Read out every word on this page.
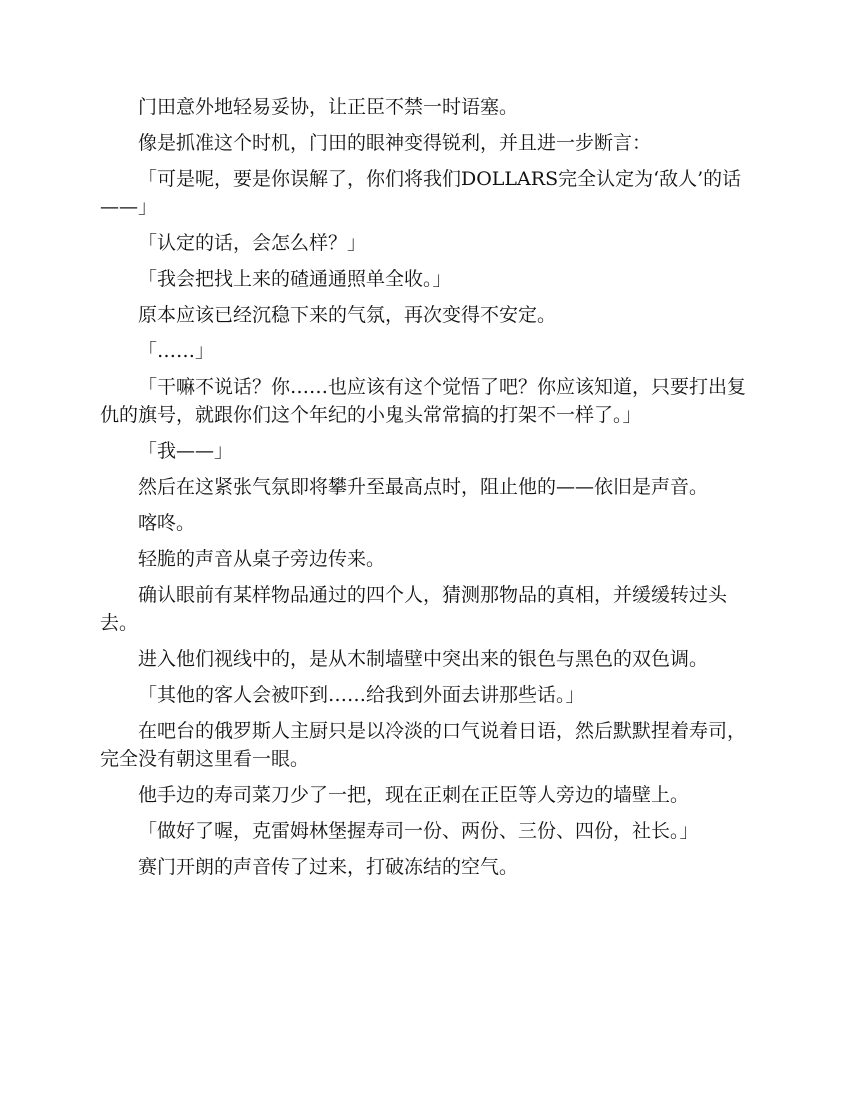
门田意外地轻易妥协，让正臣不禁一时语塞。

像是抓准这个时机，门田的眼神变得锐利，并且进一步断言：

「可是呢，要是你误解了，你们将我们DOLLARS完全认定为‘敌人’的话——」

「认定的话，会怎么样？」

「我会把找上来的碴通通照单全收。」

原本应该已经沉稳下来的气氛，再次变得不安定。

「……」

「干嘛不说话？你……也应该有这个觉悟了吧？你应该知道，只要打出复仇的旗号，就跟你们这个年纪的小鬼头常常搞的打架不一样了。」

「我——」

然后在这紧张气氛即将攀升至最高点时，阻止他的——依旧是声音。

喀咚。

轻脆的声音从桌子旁边传来。

确认眼前有某样物品通过的四个人，猜测那物品的真相，并缓缓转过头去。

进入他们视线中的，是从木制墙壁中突出来的银色与黑色的双色调。

「其他的客人会被吓到……给我到外面去讲那些话。」

在吧台的俄罗斯人主厨只是以冷淡的口气说着日语，然后默默捏着寿司，完全没有朝这里看一眼。

他手边的寿司菜刀少了一把，现在正刺在正臣等人旁边的墙壁上。

「做好了喔，克雷姆林堡握寿司一份、两份、三份、四份，社长。」

赛门开朗的声音传了过来，打破冻结的空气。
